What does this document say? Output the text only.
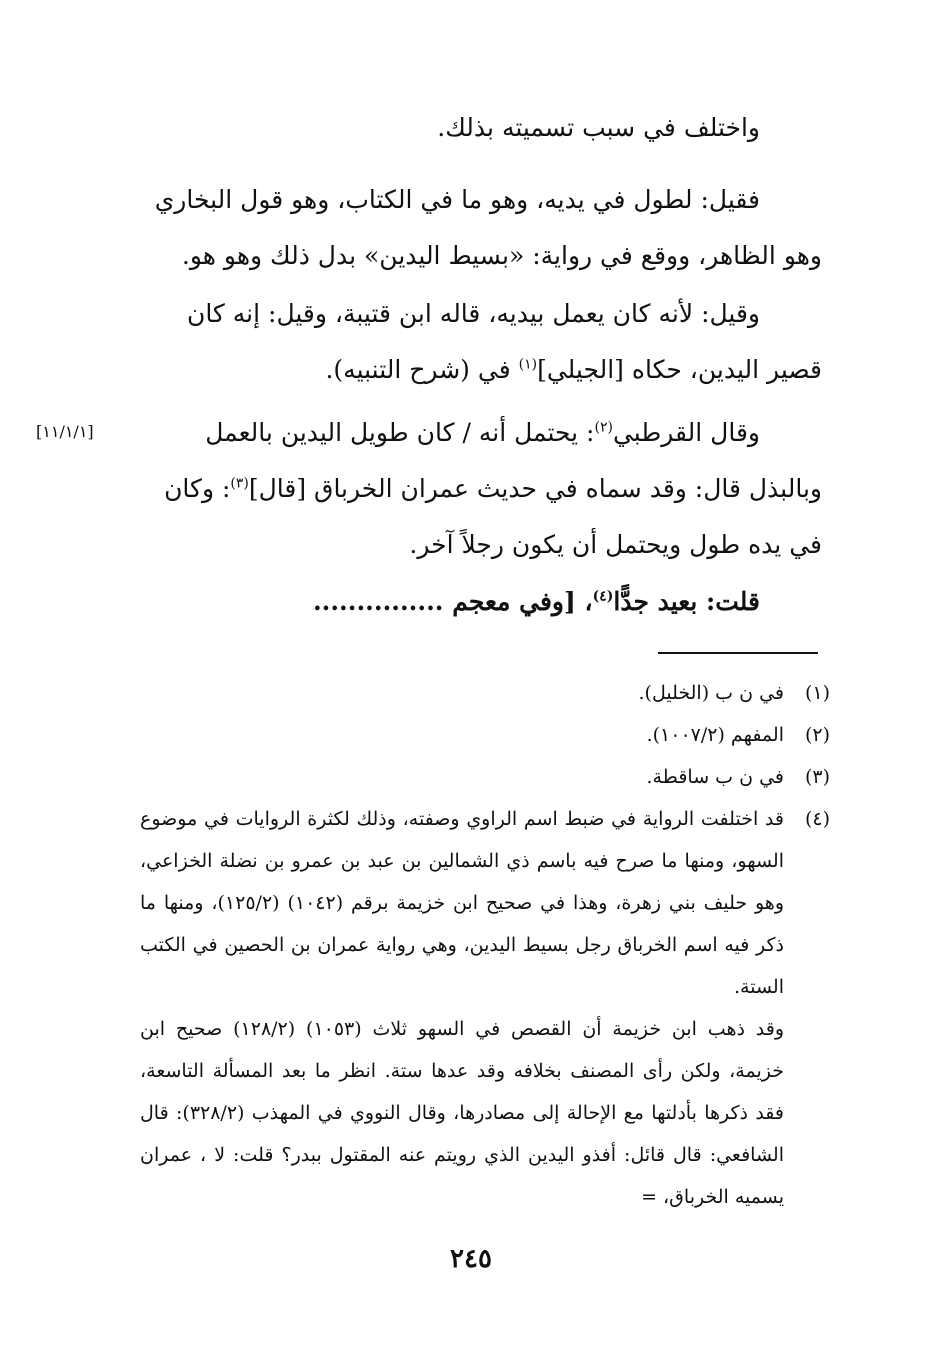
واختلف في سبب تسميته بذلك.
فقيل: لطول في يديه، وهو ما في الكتاب، وهو قول البخاري
وهو الظاهر، ووقع في رواية: «بسيط اليدين» بدل ذلك وهو هو.
وقيل: لأنه كان يعمل بيديه، قاله ابن قتيبة، وقيل: إنه كان
قصير اليدين، حكاه [الجيلي]$^{(١)}$ في (شرح التنبيه).
وقال القرطبي$^{(٢)}$: يحتمل أنه / كان طويل اليدين بالعمل
وبالبذل قال: وقد سماه في حديث عمران الخرباق [قال]$^{(٣)}$: وكان
في يده طول ويحتمل أن يكون رجلاً آخر.
[١١/١/١]
قلت: بعيد جدًّا$^{(٤)}$، [وفي معجم ...............
(١)
في ن ب (الخليل).
(٢)
المفهم (١٠٠٧/٢).
(٣)
في ن ب ساقطة.
(٤)
قد اختلفت الرواية في ضبط اسم الراوي وصفته، وذلك لكثرة الروايات في موضوع السهو، ومنها ما صرح فيه باسم ذي الشمالين بن عبد بن عمرو بن نضلة الخزاعي، وهو حليف بني زهرة، وهذا في صحيح ابن خزيمة برقم (١٠٤٢) (١٢٥/٢)، ومنها ما ذكر فيه اسم الخرباق رجل بسيط اليدين، وهي رواية عمران بن الحصين في الكتب الستة.
وقد ذهب ابن خزيمة أن القصص في السهو ثلاث (١٠٥٣) (١٢٨/٢) صحيح ابن خزيمة، ولكن رأى المصنف بخلافه وقد عدها ستة. انظر ما بعد المسألة التاسعة، فقد ذكرها بأدلتها مع الإحالة إلى مصادرها، وقال النووي في المهذب (٣٢٨/٢): قال الشافعي: قال قائل: أفذو اليدين الذي رويتم عنه المقتول ببدر؟ قلت: لا ، عمران يسميه الخرباق، =
٢٤٥
